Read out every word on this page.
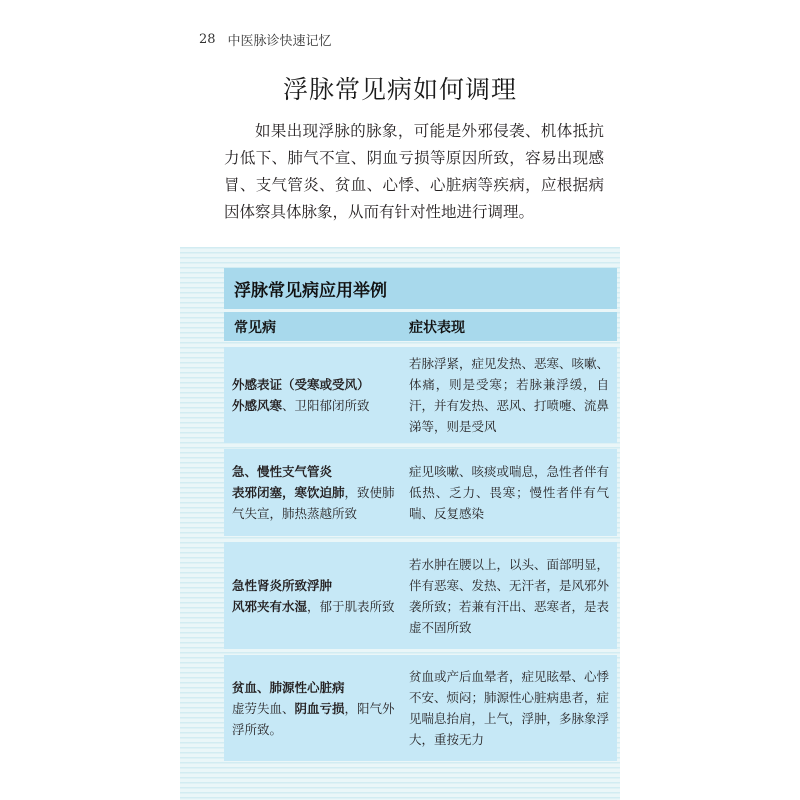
28 中医脉诊快速记忆
浮脉常见病如何调理
如果出现浮脉的脉象，可能是外邪侵袭、机体抵抗力低下、肺气不宣、阴血亏损等原因所致，容易出现感冒、支气管炎、贫血、心悸、心脏病等疾病，应根据病因体察具体脉象，从而有针对性地进行调理。
浮脉常见病应用举例
常见病	症状表现
外感表证（受寒或受风）
外感风寒、卫阳郁闭所致
若脉浮紧，症见发热、恶寒、咳嗽、体痛，则是受寒；若脉兼浮缓，自汗，并有发热、恶风、打喷嚏、流鼻涕等，则是受风
急、慢性支气管炎
表邪闭塞，寒饮迫肺，致使肺气失宣，肺热蒸越所致
症见咳嗽、咳痰或喘息，急性者伴有低热、乏力、畏寒；慢性者伴有气喘、反复感染
急性肾炎所致浮肿
风邪夹有水湿，郁于肌表所致
若水肿在腰以上，以头、面部明显，伴有恶寒、发热、无汗者，是风邪外袭所致；若兼有汗出、恶寒者，是表虚不固所致
贫血、肺源性心脏病
虚劳失血、阴血亏损，阳气外浮所致。
贫血或产后血晕者，症见眩晕、心悸不安、烦闷；肺源性心脏病患者，症见喘息抬肩，上气，浮肿，多脉象浮大，重按无力
